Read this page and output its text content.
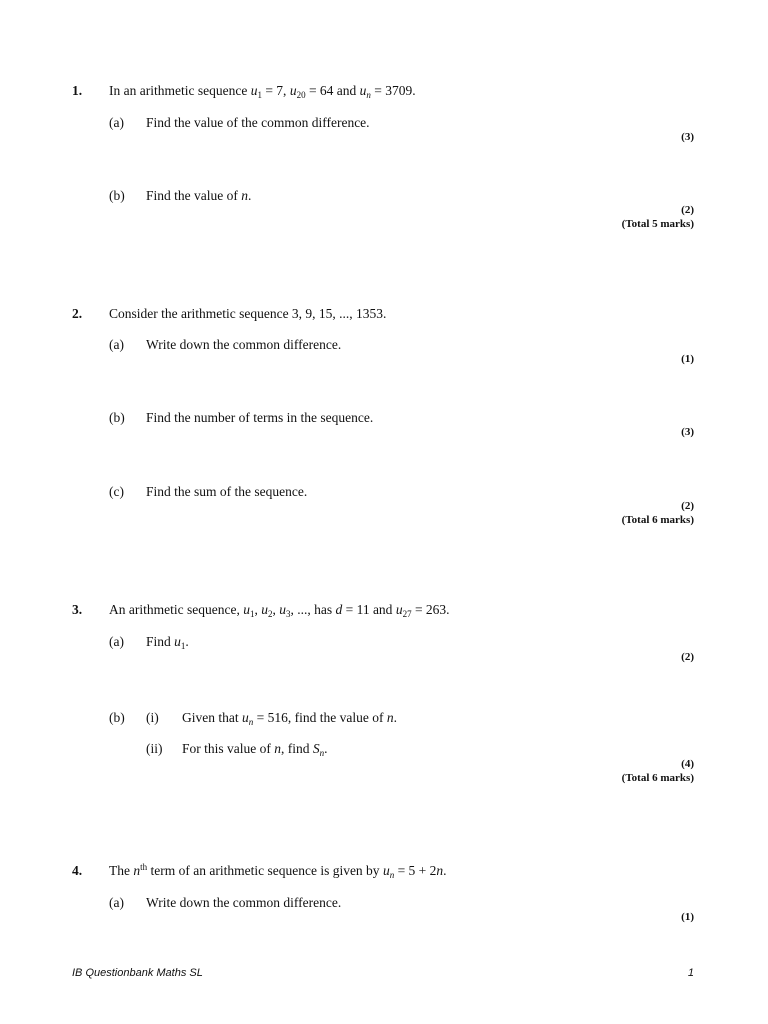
1. In an arithmetic sequence $u_1 = 7$, $u_{20} = 64$ and $u_n = 3709$.
(a) Find the value of the common difference.
(3)
(b) Find the value of n.
(2)
(Total 5 marks)
2. Consider the arithmetic sequence 3, 9, 15, ..., 1353.
(a) Write down the common difference.
(1)
(b) Find the number of terms in the sequence.
(3)
(c) Find the sum of the sequence.
(2)
(Total 6 marks)
3. An arithmetic sequence, $u_1$, $u_2$, $u_3$, ..., has d = 11 and $u_{27} = 263$.
(a) Find $u_1$.
(2)
(b) (i) Given that $u_n = 516$, find the value of n.
(ii) For this value of n, find $S_n$.
(4)
(Total 6 marks)
4. The $n^{th}$ term of an arithmetic sequence is given by $u_n = 5 + 2n$.
(a) Write down the common difference.
(1)
IB Questionbank Maths SL	1
